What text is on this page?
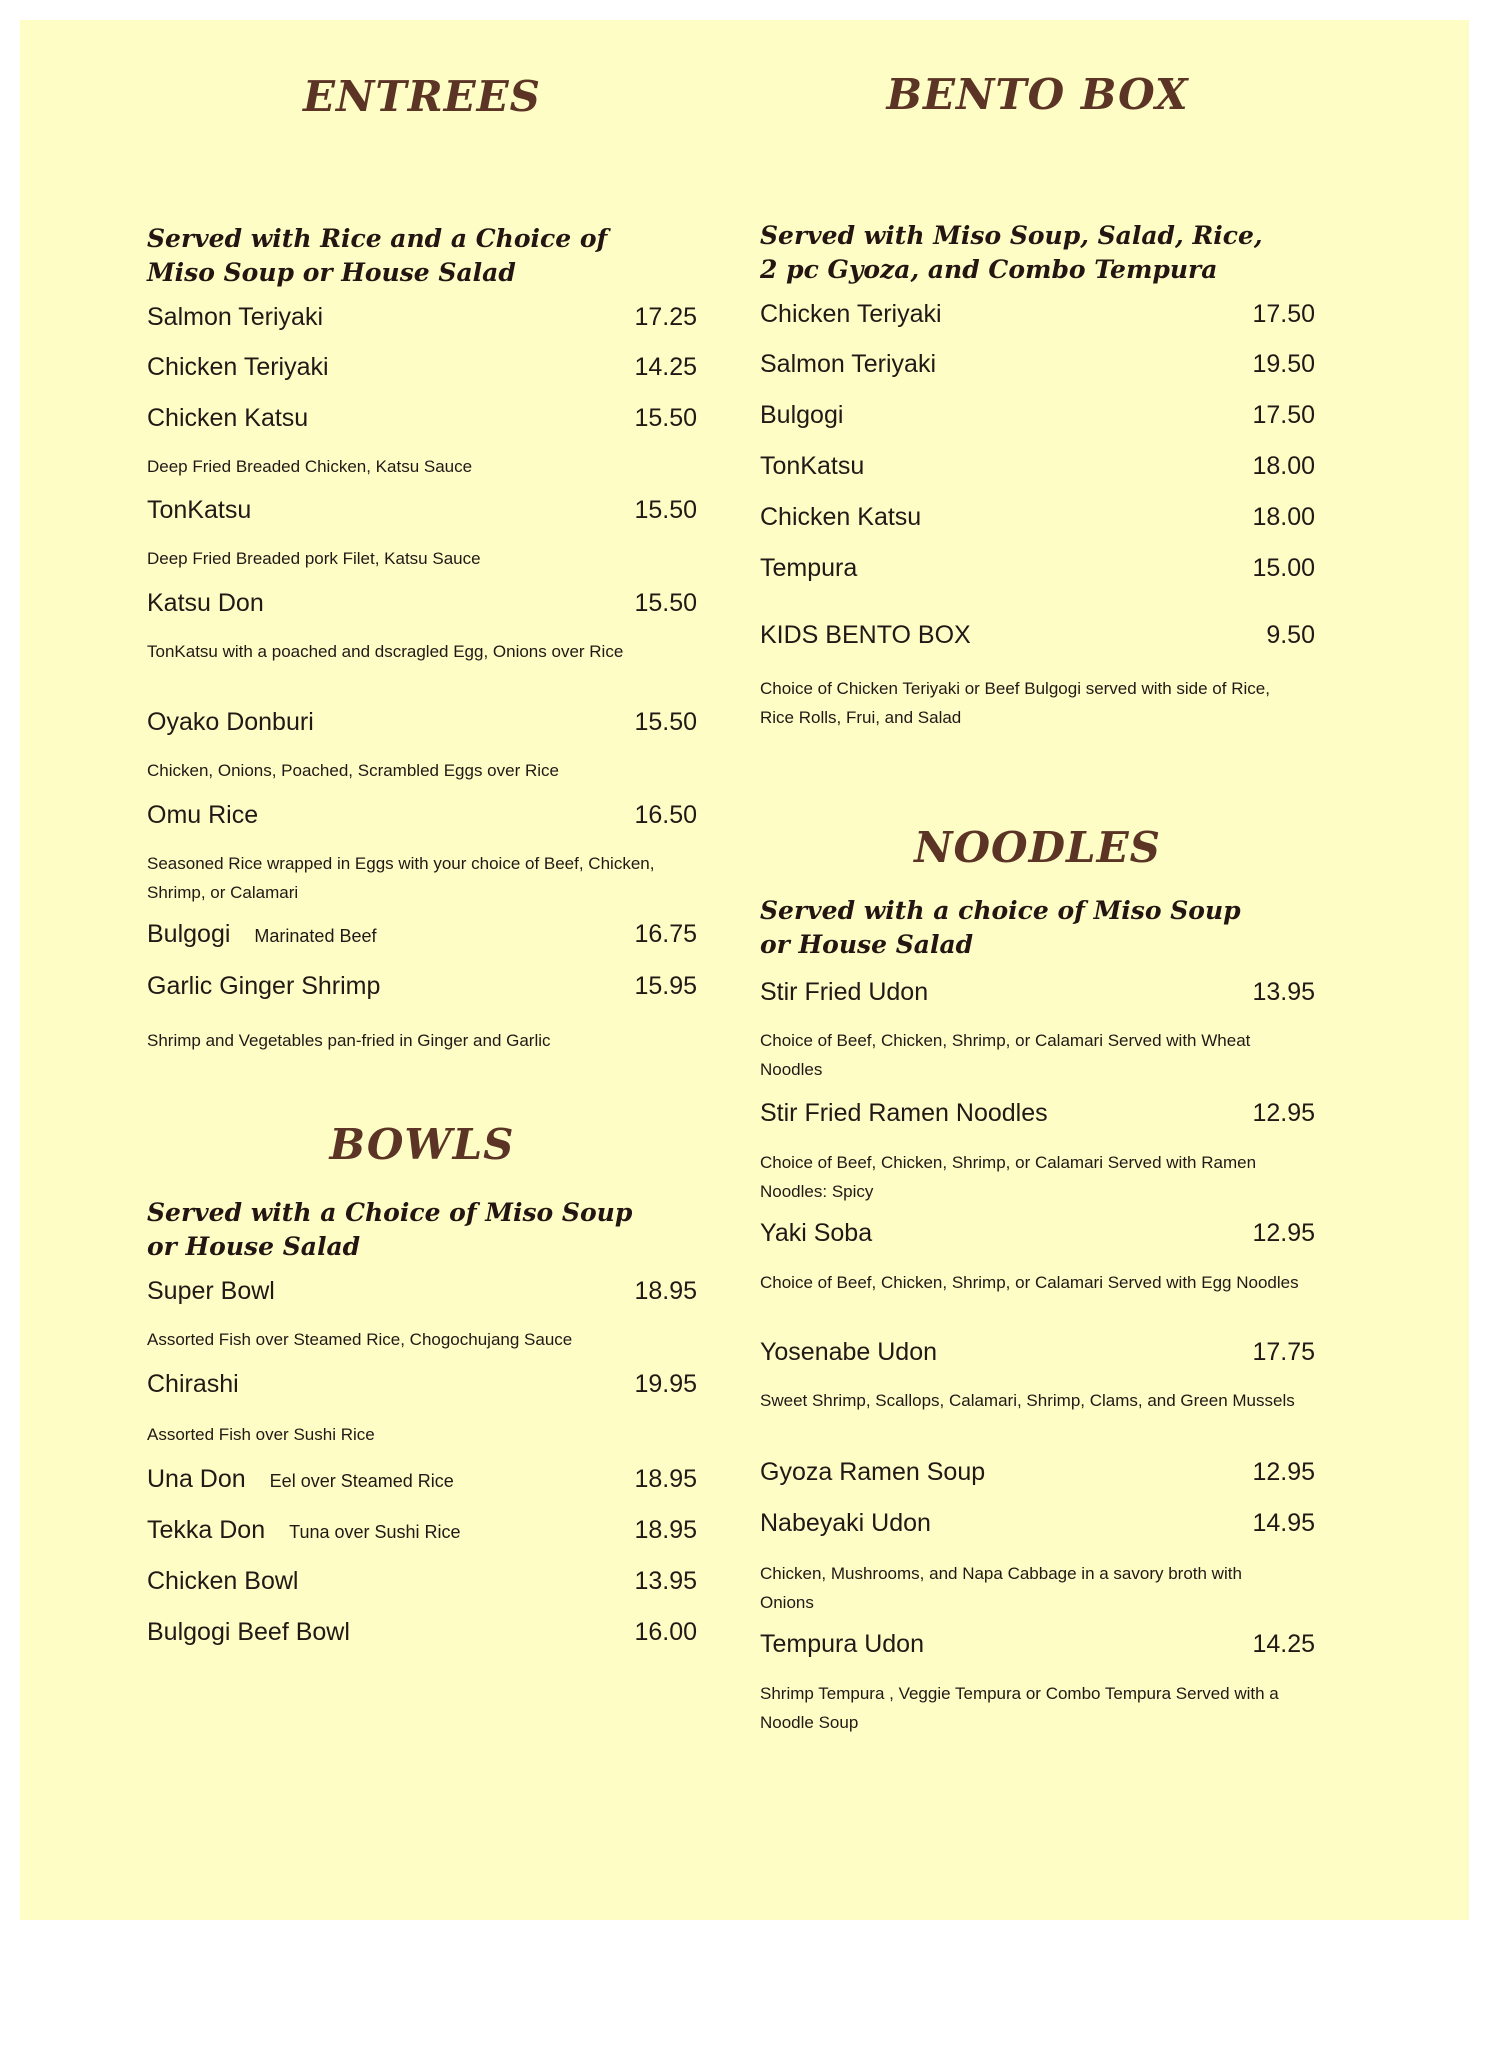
ENTREES

Served with Rice and a Choice of Miso Soup or House Salad

Salmon Teriyaki	17.25
Chicken Teriyaki	14.25
Chicken Katsu	15.50
Deep Fried Breaded Chicken, Katsu Sauce
TonKatsu	15.50
Deep Fried Breaded pork Filet, Katsu Sauce
Katsu Don	15.50
TonKatsu with a poached and dscragled Egg, Onions over Rice
Oyako Donburi	15.50
Chicken, Onions, Poached, Scrambled Eggs over Rice
Omu Rice	16.50
Seasoned Rice wrapped in Eggs with your choice of Beef, Chicken, Shrimp, or Calamari
Bulgogi Marinated Beef	16.75
Garlic Ginger Shrimp	15.95
Shrimp and Vegetables pan-fried in Ginger and Garlic
BOWLS

Served with a Choice of Miso Soup or House Salad

Super Bowl	18.95
Assorted Fish over Steamed Rice, Chogochujang Sauce
Chirashi	19.95
Assorted Fish over Sushi Rice
Una Don Eel over Steamed Rice	18.95
Tekka Don Tuna over Sushi Rice	18.95
Chicken Bowl	13.95
Bulgogi Beef Bowl	16.00
BENTO BOX

Served with Miso Soup, Salad, Rice, 2 pc Gyoza, and Combo Tempura

Chicken Teriyaki	17.50
Salmon Teriyaki	19.50
Bulgogi	17.50
TonKatsu	18.00
Chicken Katsu	18.00
Tempura	15.00
KIDS BENTO BOX	9.50
Choice of Chicken Teriyaki or Beef Bulgogi served with side of Rice, Rice Rolls, Frui, and Salad
NOODLES

Served with a choice of Miso Soup or House Salad

Stir Fried Udon	13.95
Choice of Beef, Chicken, Shrimp, or Calamari Served with Wheat Noodles
Stir Fried Ramen Noodles	12.95
Choice of Beef, Chicken, Shrimp, or Calamari Served with Ramen Noodles: Spicy
Yaki Soba	12.95
Choice of Beef, Chicken, Shrimp, or Calamari Served with Egg Noodles
Yosenabe Udon	17.75
Sweet Shrimp, Scallops, Calamari, Shrimp, Clams, and Green Mussels
Gyoza Ramen Soup	12.95
Nabeyaki Udon	14.95
Chicken, Mushrooms, and Napa Cabbage in a savory broth with Onions
Tempura Udon	14.25
Shrimp Tempura , Veggie Tempura or Combo Tempura Served with a Noodle Soup
